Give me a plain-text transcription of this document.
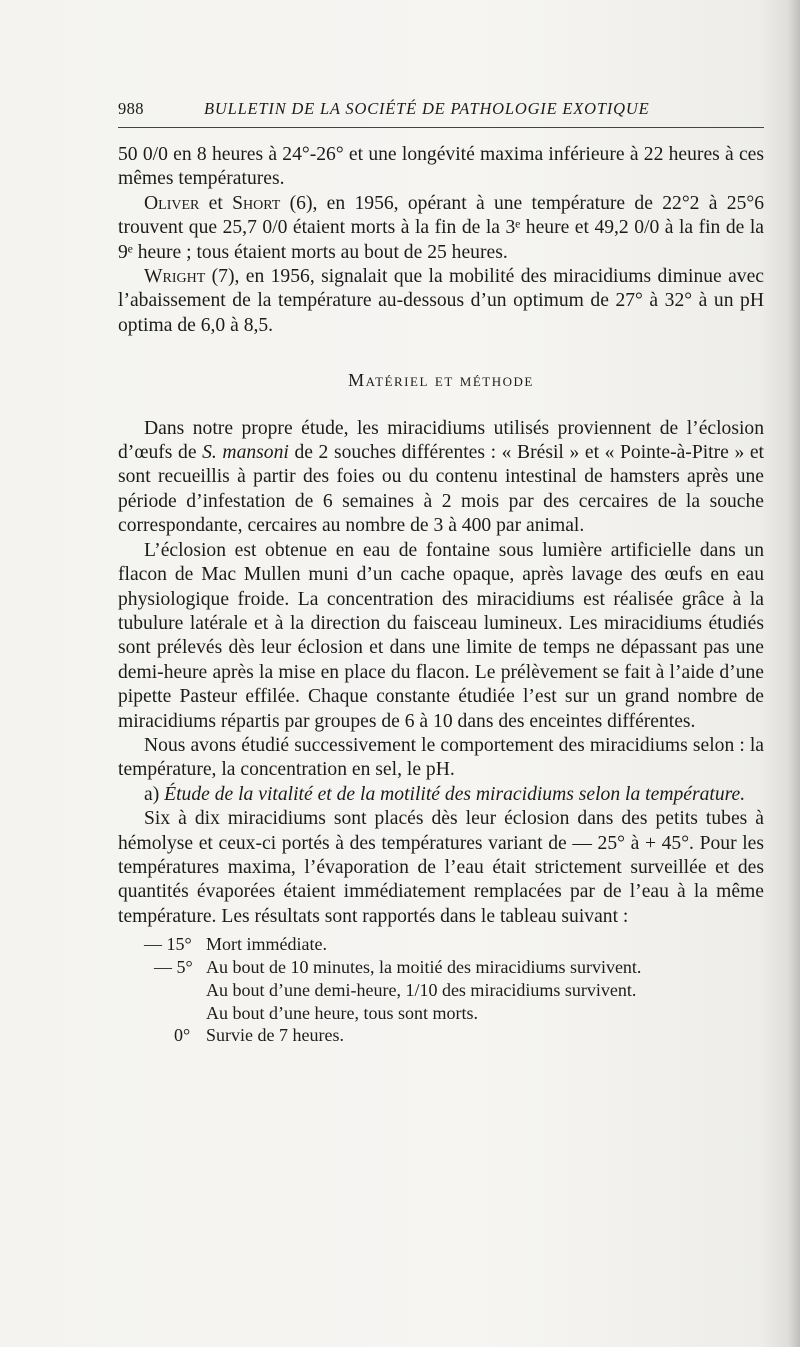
988	BULLETIN DE LA SOCIÉTÉ DE PATHOLOGIE EXOTIQUE

50 0/0 en 8 heures à 24°-26° et une longévité maxima inférieure à 22 heures à ces mêmes températures.

Oliver et Short (6), en 1956, opérant à une température de 22°2 à 25°6 trouvent que 25,7 0/0 étaient morts à la fin de la 3ᵉ heure et 49,2 0/0 à la fin de la 9ᵉ heure ; tous étaient morts au bout de 25 heures.

Wright (7), en 1956, signalait que la mobilité des miracidiums diminue avec l’abaissement de la température au-dessous d’un optimum de 27° à 32° à un pH optima de 6,0 à 8,5.

Matériel et méthode

Dans notre propre étude, les miracidiums utilisés proviennent de l’éclosion d’œufs de S. mansoni de 2 souches différentes : « Brésil » et « Pointe-à-Pitre » et sont recueillis à partir des foies ou du contenu intestinal de hamsters après une période d’infestation de 6 semaines à 2 mois par des cercaires de la souche correspondante, cercaires au nombre de 3 à 400 par animal.

L’éclosion est obtenue en eau de fontaine sous lumière artificielle dans un flacon de Mac Mullen muni d’un cache opaque, après lavage des œufs en eau physiologique froide. La concentration des miracidiums est réalisée grâce à la tubulure latérale et à la direction du faisceau lumineux. Les miracidiums étudiés sont prélevés dès leur éclosion et dans une limite de temps ne dépassant pas une demi-heure après la mise en place du flacon. Le prélèvement se fait à l’aide d’une pipette Pasteur effilée. Chaque constante étudiée l’est sur un grand nombre de miracidiums répartis par groupes de 6 à 10 dans des enceintes différentes.

Nous avons étudié successivement le comportement des miracidiums selon : la température, la concentration en sel, le pH.

a) Étude de la vitalité et de la motilité des miracidiums selon la température.

Six à dix miracidiums sont placés dès leur éclosion dans des petits tubes à hémolyse et ceux-ci portés à des températures variant de — 25° à + 45°. Pour les températures maxima, l’évaporation de l’eau était strictement surveillée et des quantités évaporées étaient immédiatement remplacées par de l’eau à la même température. Les résultats sont rapportés dans le tableau suivant :

— 15° Mort immédiate.
— 5° Au bout de 10 minutes, la moitié des miracidiums survivent.
Au bout d’une demi-heure, 1/10 des miracidiums survivent.
Au bout d’une heure, tous sont morts.
0° Survie de 7 heures.
